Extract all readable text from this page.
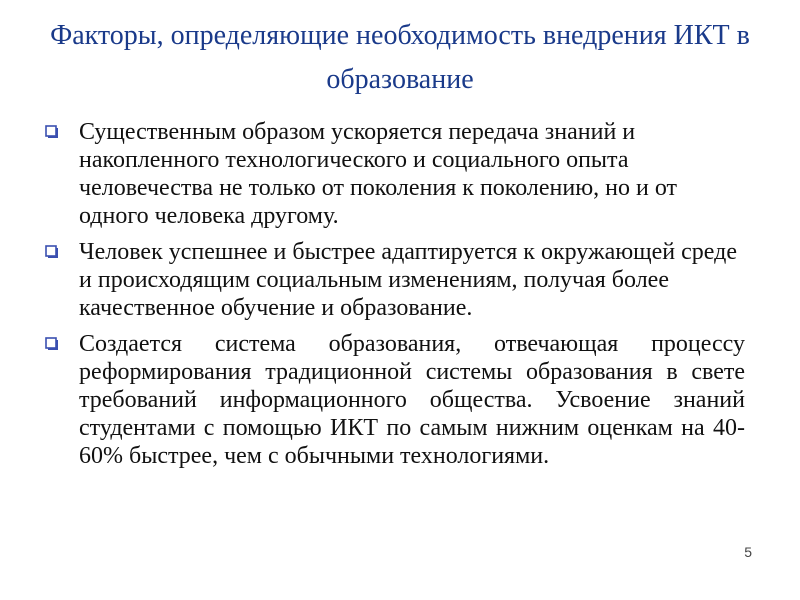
Факторы, определяющие необходимость внедрения ИКТ в образование
Существенным образом ускоряется передача знаний и накопленного технологического и социального опыта человечества не только от поколения к поколению, но и от одного человека другому.
Человек успешнее и быстрее адаптируется к окружающей среде и происходящим социальным изменениям, получая более качественное обучение и образование.
Создается система образования, отвечающая процессу реформирования традиционной системы образования в свете требований информационного общества. Усвоение знаний студентами с помощью ИКТ по самым нижним оценкам на 40-60% быстрее, чем с обычными технологиями.
5
